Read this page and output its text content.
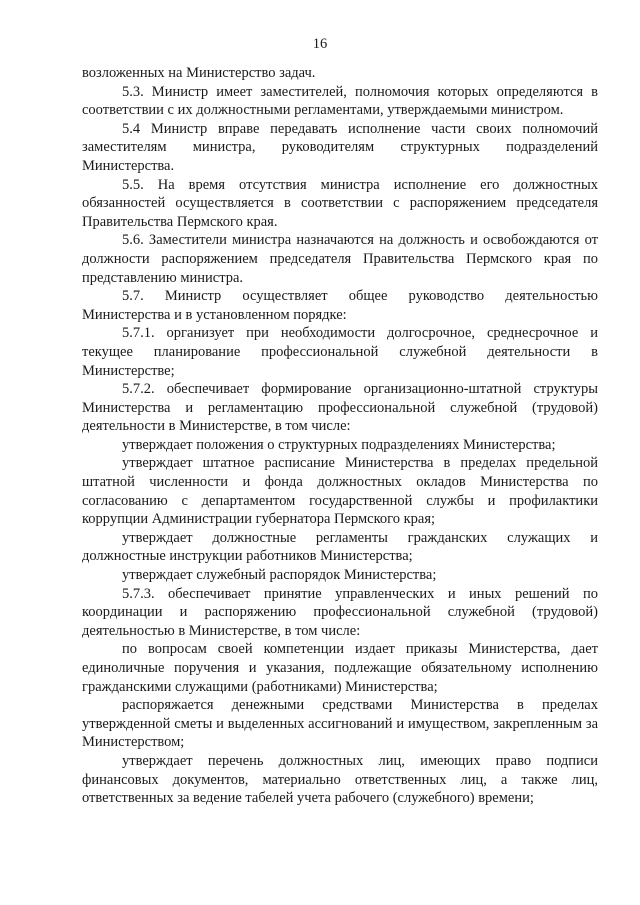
16

возложенных на Министерство задач.

5.3. Министр имеет заместителей, полномочия которых определяются в соответствии с их должностными регламентами, утверждаемыми министром.

5.4 Министр вправе передавать исполнение части своих полномочий заместителям министра, руководителям структурных подразделений Министерства.

5.5. На время отсутствия министра исполнение его должностных обязанностей осуществляется в соответствии с распоряжением председателя Правительства Пермского края.

5.6. Заместители министра назначаются на должность и освобождаются от должности распоряжением председателя Правительства Пермского края по представлению министра.

5.7. Министр осуществляет общее руководство деятельностью Министерства и в установленном порядке:

5.7.1. организует при необходимости долгосрочное, среднесрочное и текущее планирование профессиональной служебной деятельности в Министерстве;

5.7.2. обеспечивает формирование организационно-штатной структуры Министерства и регламентацию профессиональной служебной (трудовой) деятельности в Министерстве, в том числе:

утверждает положения о структурных подразделениях Министерства;

утверждает штатное расписание Министерства в пределах предельной штатной численности и фонда должностных окладов Министерства по согласованию с департаментом государственной службы и профилактики коррупции Администрации губернатора Пермского края;

утверждает должностные регламенты гражданских служащих и должностные инструкции работников Министерства;

утверждает служебный распорядок Министерства;

5.7.3. обеспечивает принятие управленческих и иных решений по координации и распоряжению профессиональной служебной (трудовой) деятельностью в Министерстве, в том числе:

по вопросам своей компетенции издает приказы Министерства, дает единоличные поручения и указания, подлежащие обязательному исполнению гражданскими служащими (работниками) Министерства;

распоряжается денежными средствами Министерства в пределах утвержденной сметы и выделенных ассигнований и имуществом, закрепленным за Министерством;

утверждает перечень должностных лиц, имеющих право подписи финансовых документов, материально ответственных лиц, а также лиц, ответственных за ведение табелей учета рабочего (служебного) времени;
